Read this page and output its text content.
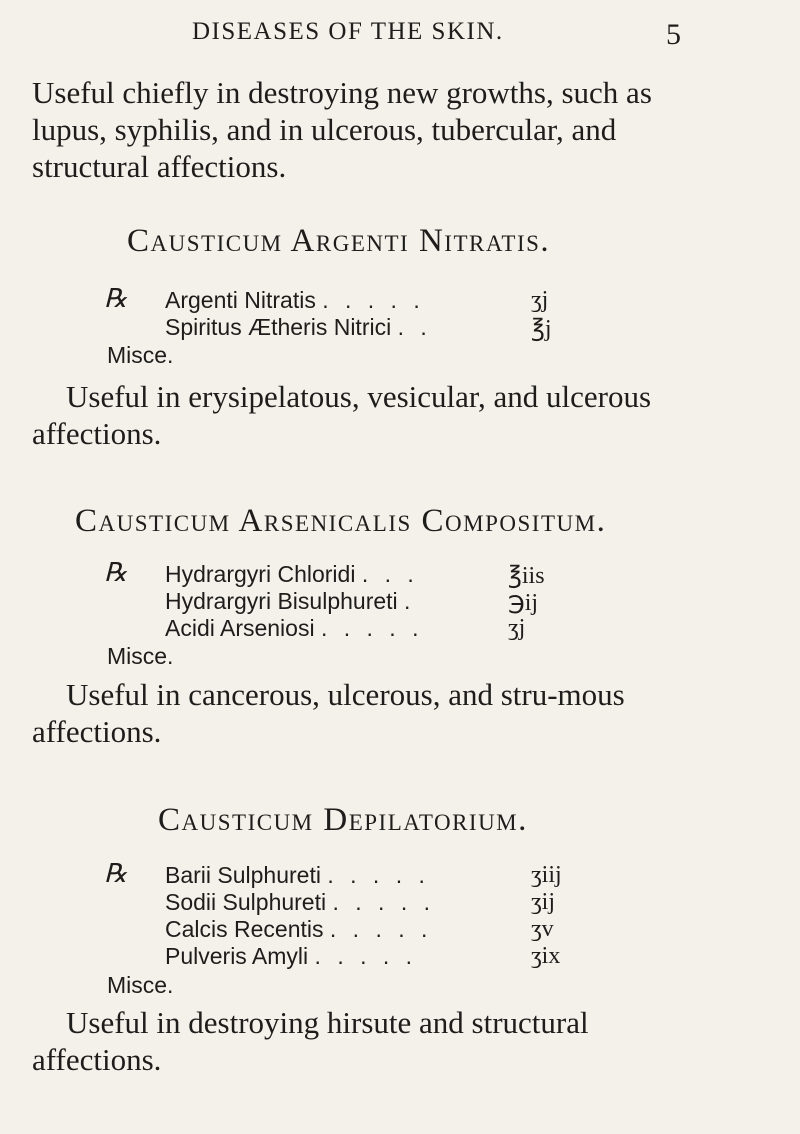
DISEASES OF THE SKIN.	5

Useful chiefly in destroying new growths, such as lupus, syphilis, and in ulcerous, tubercular, and structural affections.

Causticum Argenti Nitratis.
℞ Argenti Nitratis . . . . .	ʒj
Spiritus Ætheris Nitrici . .	℥j
Misce.

Useful in erysipelatous, vesicular, and ulcerous affections.

Causticum Arsenicalis Compositum.
℞ Hydrargyri Chloridi . . .	℥iis
Hydrargyri Bisulphureti .	℈ij
Acidi Arseniosi . . . . .	ʒj
Misce.

Useful in cancerous, ulcerous, and stru-mous affections.

Causticum Depilatorium.
℞ Barii Sulphureti . . . . .	ʒiij
Sodii Sulphureti . . . . .	ʒij
Calcis Recentis . . . . .	ʒv
Pulveris Amyli . . . . .	ʒix
Misce.

Useful in destroying hirsute and structural affections.
